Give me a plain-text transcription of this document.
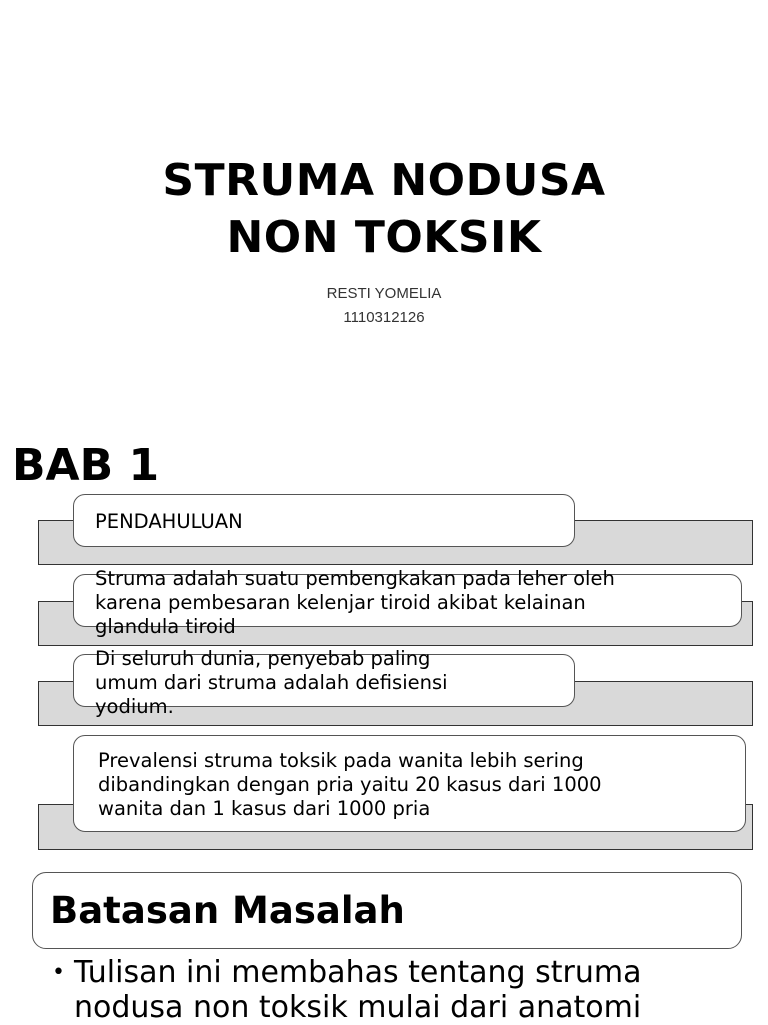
STRUMA NODUSA
NON TOKSIK
RESTI YOMELIA
1110312126
BAB 1
PENDAHULUAN
Struma adalah suatu pembengkakan pada leher oleh
karena pembesaran kelenjar tiroid akibat kelainan
glandula tiroid
Di seluruh dunia, penyebab paling
umum dari struma adalah defisiensi
yodium.
Prevalensi struma toksik pada wanita lebih sering
dibandingkan dengan pria yaitu 20 kasus dari 1000
wanita dan 1 kasus dari 1000 pria
Batasan Masalah
• Tulisan ini membahas tentang struma
nodusa non toksik mulai dari anatomi
